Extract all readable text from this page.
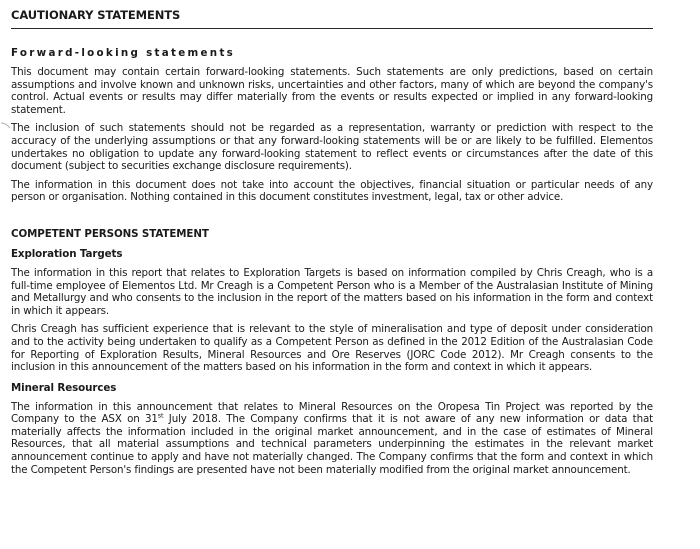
CAUTIONARY STATEMENTS
Forward-looking statements

This document may contain certain forward-looking statements. Such statements are only predictions, based on certain assumptions and involve known and unknown risks, uncertainties and other factors, many of which are beyond the company's control. Actual events or results may differ materially from the events or results expected or implied in any forward-looking statement.

The inclusion of such statements should not be regarded as a representation, warranty or prediction with respect to the accuracy of the underlying assumptions or that any forward-looking statements will be or are likely to be fulfilled. Elementos undertakes no obligation to update any forward-looking statement to reflect events or circumstances after the date of this document (subject to securities exchange disclosure requirements).

The information in this document does not take into account the objectives, financial situation or particular needs of any person or organisation. Nothing contained in this document constitutes investment, legal, tax or other advice.

COMPETENT PERSONS STATEMENT
Exploration Targets

The information in this report that relates to Exploration Targets is based on information compiled by Chris Creagh, who is a full-time employee of Elementos Ltd. Mr Creagh is a Competent Person who is a Member of the Australasian Institute of Mining and Metallurgy and who consents to the inclusion in the report of the matters based on his information in the form and context in which it appears.

Chris Creagh has sufficient experience that is relevant to the style of mineralisation and type of deposit under consideration and to the activity being undertaken to qualify as a Competent Person as defined in the 2012 Edition of the Australasian Code for Reporting of Exploration Results, Mineral Resources and Ore Reserves (JORC Code 2012). Mr Creagh consents to the inclusion in this announcement of the matters based on his information in the form and context in which it appears.

Mineral Resources

The information in this announcement that relates to Mineral Resources on the Oropesa Tin Project was reported by the Company to the ASX on 31st July 2018. The Company confirms that it is not aware of any new information or data that materially affects the information included in the original market announcement, and in the case of estimates of Mineral Resources, that all material assumptions and technical parameters underpinning the estimates in the relevant market announcement continue to apply and have not materially changed. The Company confirms that the form and context in which the Competent Person's findings are presented have not been materially modified from the original market announcement.
